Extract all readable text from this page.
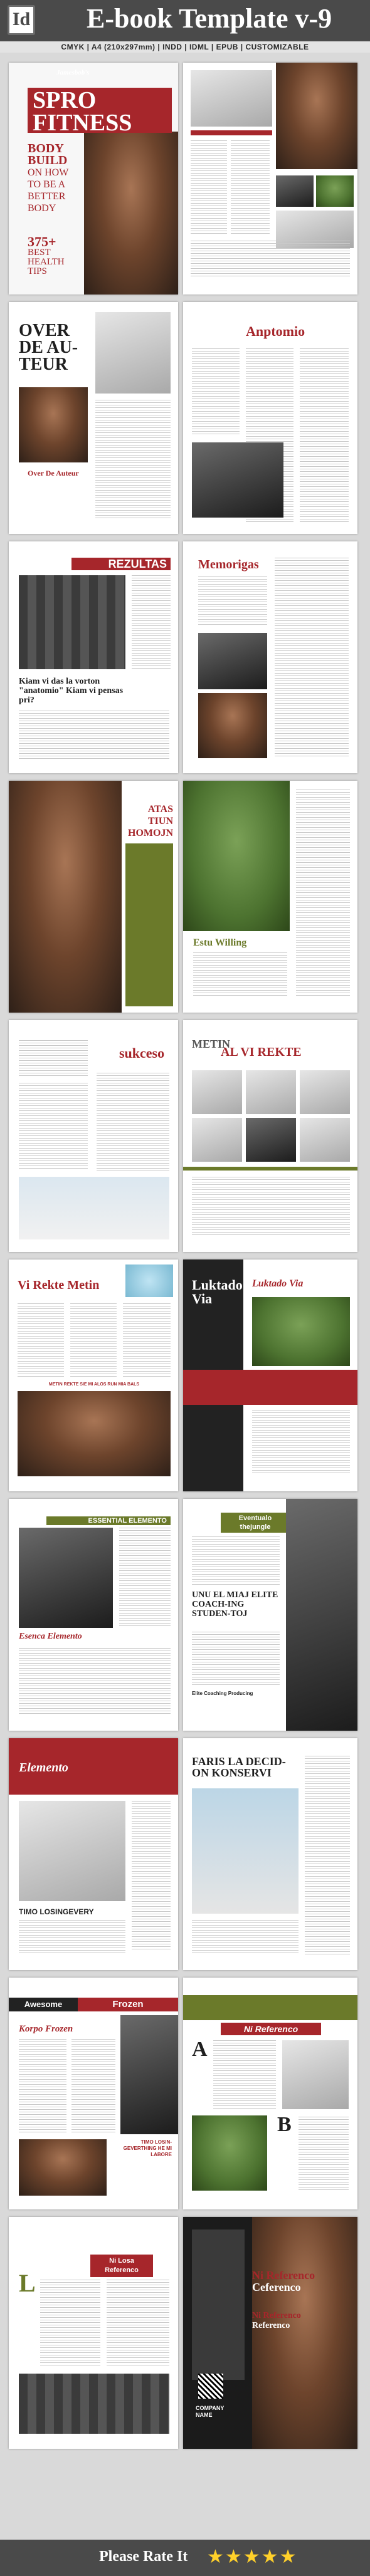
Id E-book Template v-9
CMYK | A4 (210x297mm) | INDD | IDML | EPUB | CUSTOMIZABLE
SPRO
FITNESS
Jamesbob's
BODY
BUILD
ON HOW
TO BE A
BETTER
BODY
375+
BEST
HEALTH
TIPS
OVER
DE AU-
TEUR
Over De Auteur
Anptomio
REZULTAS
Kiam vi das la vorton "anatomio" Kiam vi pensas pri?
Memorigas
ATAS
TIUN
HOMOJN
Estu Willing
sukceso
METIN
AL VI REKTE
Vi Rekte Metin
METIN REKTE SIE MI ALOS RUN MIA BALS
Luktado
Via
Luktado Via
ESSENTIAL ELEMENTO
Esenca Elemento
Eventualo
thejungle
UNU EL MIAJ ELITE COACH-ING STUDEN-TOJ
Elite Coaching Producing
Elemento
TIMO LOSINGEVERY
FARIS LA DECID-ON KONSERVI
Awesome	Frozen
Korpo Frozen
TIMO LOSIN- GEVERTHING HE MI LABORE
Ni Referenco
A
B
L
Ni Losa
Referenco	Ni Referenco
Ceferenco
Ni Referenco
Referenco
COMPANY
NAME
Please Rate It ★★★★★
